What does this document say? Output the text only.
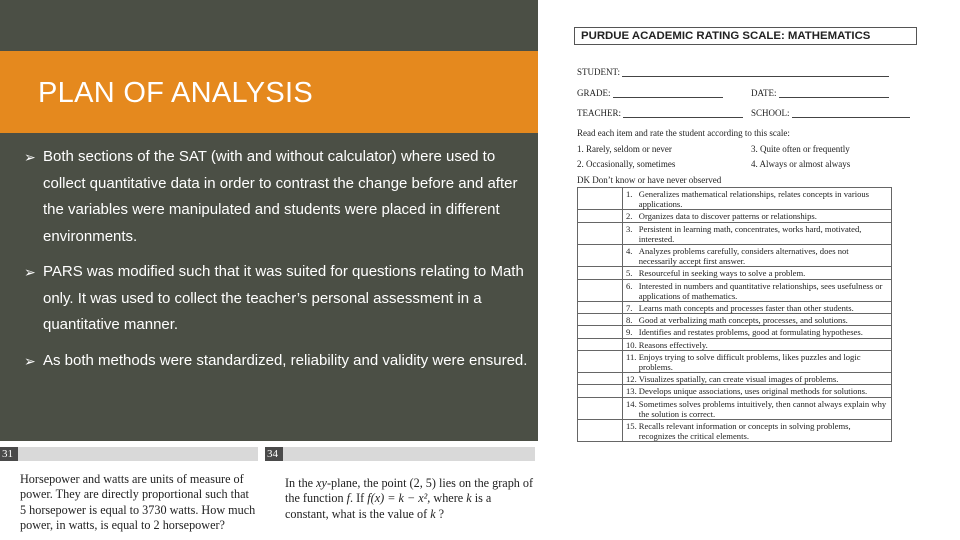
PLAN OF ANALYSIS
➢ Both sections of the SAT (with and without calculator) where used to collect quantitative data in order to contrast the change before and after the variables were manipulated and students were placed in different environments.
➢ PARS was modified such that it was suited for questions relating to Math only. It was used to collect the teacher’s personal assessment in a quantitative manner.
➢ As both methods were standardized, reliability and validity were ensured.
31	34
Horsepower and watts are units of measure of power. They are directly proportional such that 5 horsepower is equal to 3730 watts. How much power, in watts, is equal to 2 horsepower?
In the xy-plane, the point (2, 5) lies on the graph of the function f. If f(x) = k − x², where k is a constant, what is the value of k ?
PURDUE ACADEMIC RATING SCALE: MATHEMATICS
STUDENT:
GRADE:	DATE:
TEACHER:	SCHOOL:
Read each item and rate the student according to this scale:
1. Rarely, seldom or never	3. Quite often or frequently
2. Occasionally, sometimes	4. Always or almost always
DK Don’t know or have never observed
	1.	Generalizes mathematical relationships, relates concepts in various applications.
	2.	Organizes data to discover patterns or relationships.
	3.	Persistent in learning math, concentrates, works hard, motivated, interested.
	4.	Analyzes problems carefully, considers alternatives, does not necessarily accept first answer.
	5.	Resourceful in seeking ways to solve a problem.
	6.	Interested in numbers and quantitative relationships, sees usefulness or applications of mathematics.
	7.	Learns math concepts and processes faster than other students.
	8.	Good at verbalizing math concepts, processes, and solutions.
	9.	Identifies and restates problems, good at formulating hypotheses.
	10.	Reasons effectively.
	11.	Enjoys trying to solve difficult problems, likes puzzles and logic problems.
	12.	Visualizes spatially, can create visual images of problems.
	13.	Develops unique associations, uses original methods for solutions.
	14.	Sometimes solves problems intuitively, then cannot always explain why the solution is correct.
	15.	Recalls relevant information or concepts in solving problems, recognizes the critical elements.
